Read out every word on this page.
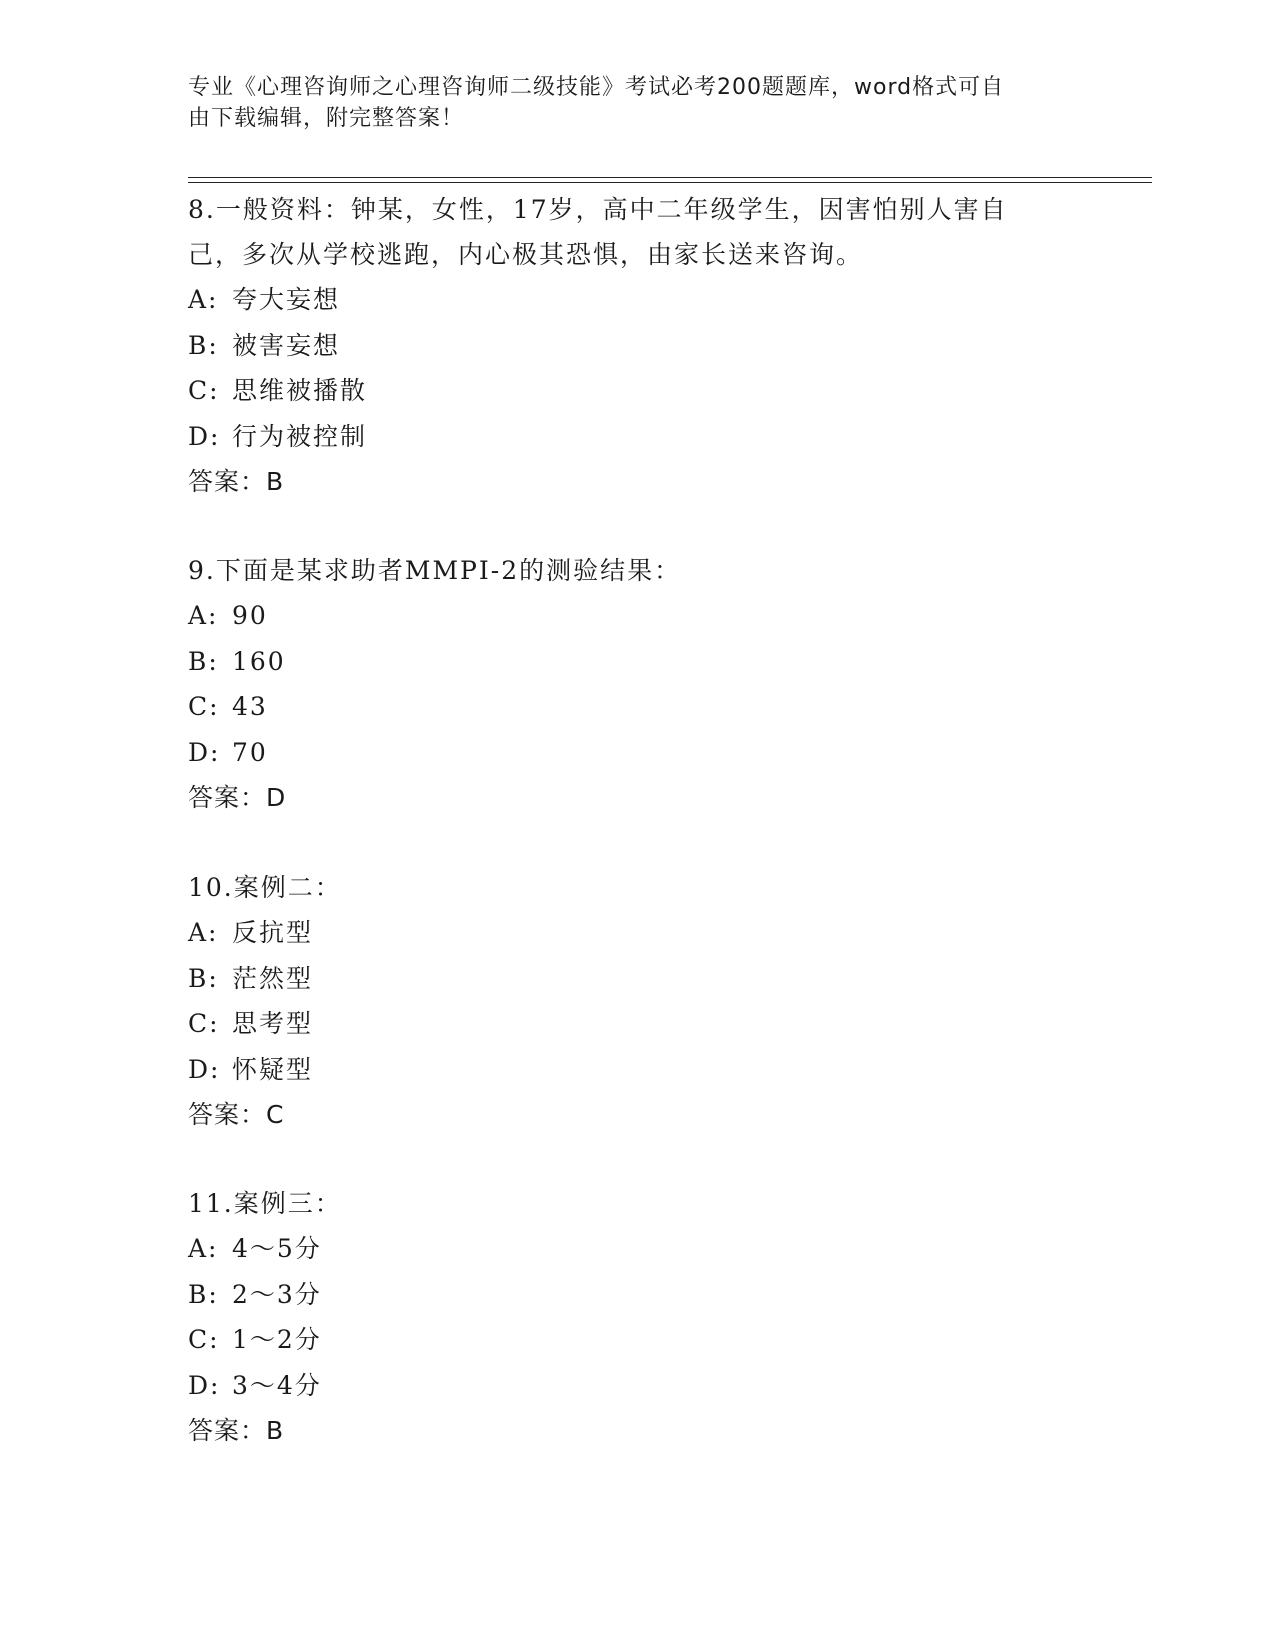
专业《心理咨询师之心理咨询师二级技能》考试必考200题题库，word格式可自
由下载编辑，附完整答案！

8.一般资料：钟某，女性，17岁，高中二年级学生，因害怕别人害自

己，多次从学校逃跑，内心极其恐惧，由家长送来咨询。

A: 夸大妄想

B: 被害妄想

C: 思维被播散

D: 行为被控制

答案：B

9.下面是某求助者MMPI-2的测验结果：

A: 90

B: 160

C: 43

D: 70

答案：D

10.案例二：

A: 反抗型

B: 茫然型

C: 思考型

D: 怀疑型

答案：C

11.案例三：

A: 4～5分

B: 2～3分

C: 1～2分

D: 3～4分

答案：B
